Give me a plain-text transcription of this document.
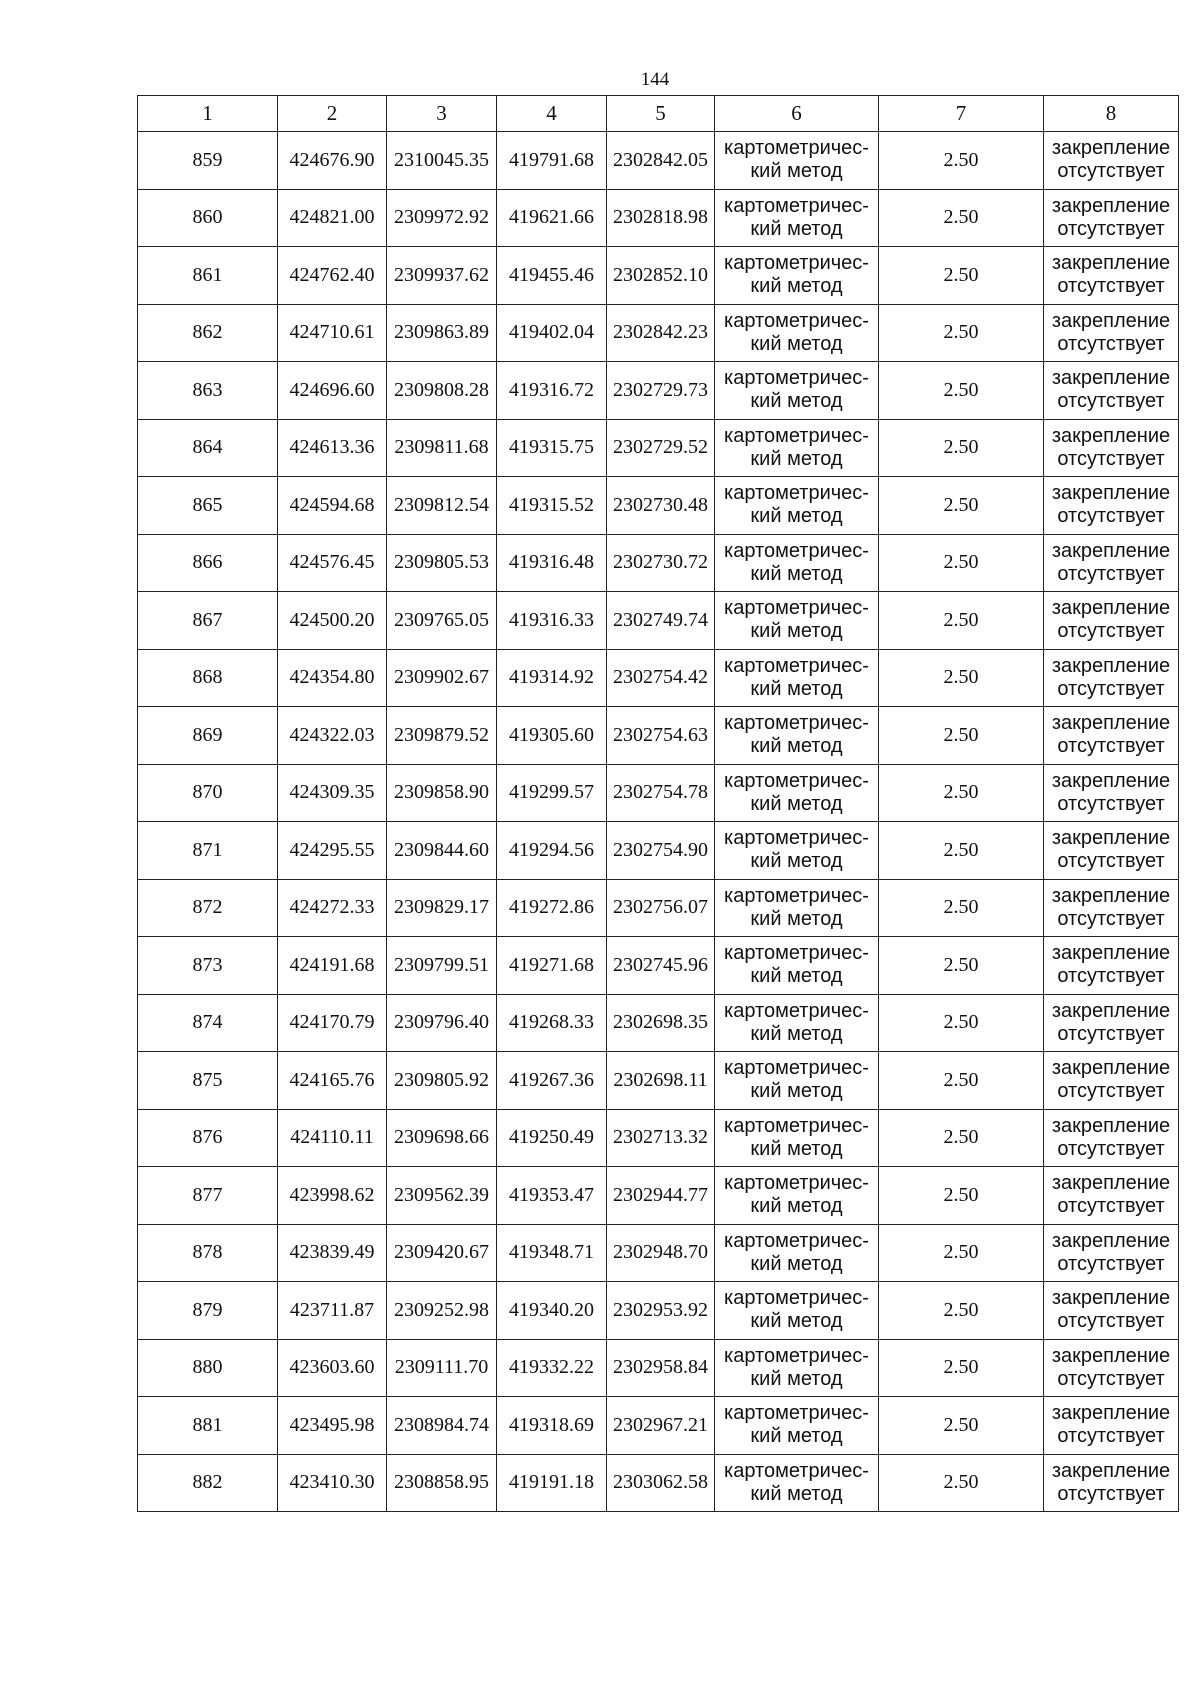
144
1	2	3	4	5	6	7	8
859	424676.90	2310045.35	419791.68	2302842.05	картометричес-
кий метод	2.50	закрепление
отсутствует

860	424821.00	2309972.92	419621.66	2302818.98	картометричес-
кий метод	2.50	закрепление
отсутствует

861	424762.40	2309937.62	419455.46	2302852.10	картометричес-
кий метод	2.50	закрепление
отсутствует

862	424710.61	2309863.89	419402.04	2302842.23	картометричес-
кий метод	2.50	закрепление
отсутствует

863	424696.60	2309808.28	419316.72	2302729.73	картометричес-
кий метод	2.50	закрепление
отсутствует

864	424613.36	2309811.68	419315.75	2302729.52	картометричес-
кий метод	2.50	закрепление
отсутствует

865	424594.68	2309812.54	419315.52	2302730.48	картометричес-
кий метод	2.50	закрепление
отсутствует

866	424576.45	2309805.53	419316.48	2302730.72	картометричес-
кий метод	2.50	закрепление
отсутствует

867	424500.20	2309765.05	419316.33	2302749.74	картометричес-
кий метод	2.50	закрепление
отсутствует

868	424354.80	2309902.67	419314.92	2302754.42	картометричес-
кий метод	2.50	закрепление
отсутствует

869	424322.03	2309879.52	419305.60	2302754.63	картометричес-
кий метод	2.50	закрепление
отсутствует

870	424309.35	2309858.90	419299.57	2302754.78	картометричес-
кий метод	2.50	закрепление
отсутствует

871	424295.55	2309844.60	419294.56	2302754.90	картометричес-
кий метод	2.50	закрепление
отсутствует

872	424272.33	2309829.17	419272.86	2302756.07	картометричес-
кий метод	2.50	закрепление
отсутствует

873	424191.68	2309799.51	419271.68	2302745.96	картометричес-
кий метод	2.50	закрепление
отсутствует

874	424170.79	2309796.40	419268.33	2302698.35	картометричес-
кий метод	2.50	закрепление
отсутствует

875	424165.76	2309805.92	419267.36	2302698.11	картометричес-
кий метод	2.50	закрепление
отсутствует

876	424110.11	2309698.66	419250.49	2302713.32	картометричес-
кий метод	2.50	закрепление
отсутствует

877	423998.62	2309562.39	419353.47	2302944.77	картометричес-
кий метод	2.50	закрепление
отсутствует

878	423839.49	2309420.67	419348.71	2302948.70	картометричес-
кий метод	2.50	закрепление
отсутствует

879	423711.87	2309252.98	419340.20	2302953.92	картометричес-
кий метод	2.50	закрепление
отсутствует

880	423603.60	2309111.70	419332.22	2302958.84	картометричес-
кий метод	2.50	закрепление
отсутствует

881	423495.98	2308984.74	419318.69	2302967.21	картометричес-
кий метод	2.50	закрепление
отсутствует

882	423410.30	2308858.95	419191.18	2303062.58	картометричес-
кий метод	2.50	закрепление
отсутствует
